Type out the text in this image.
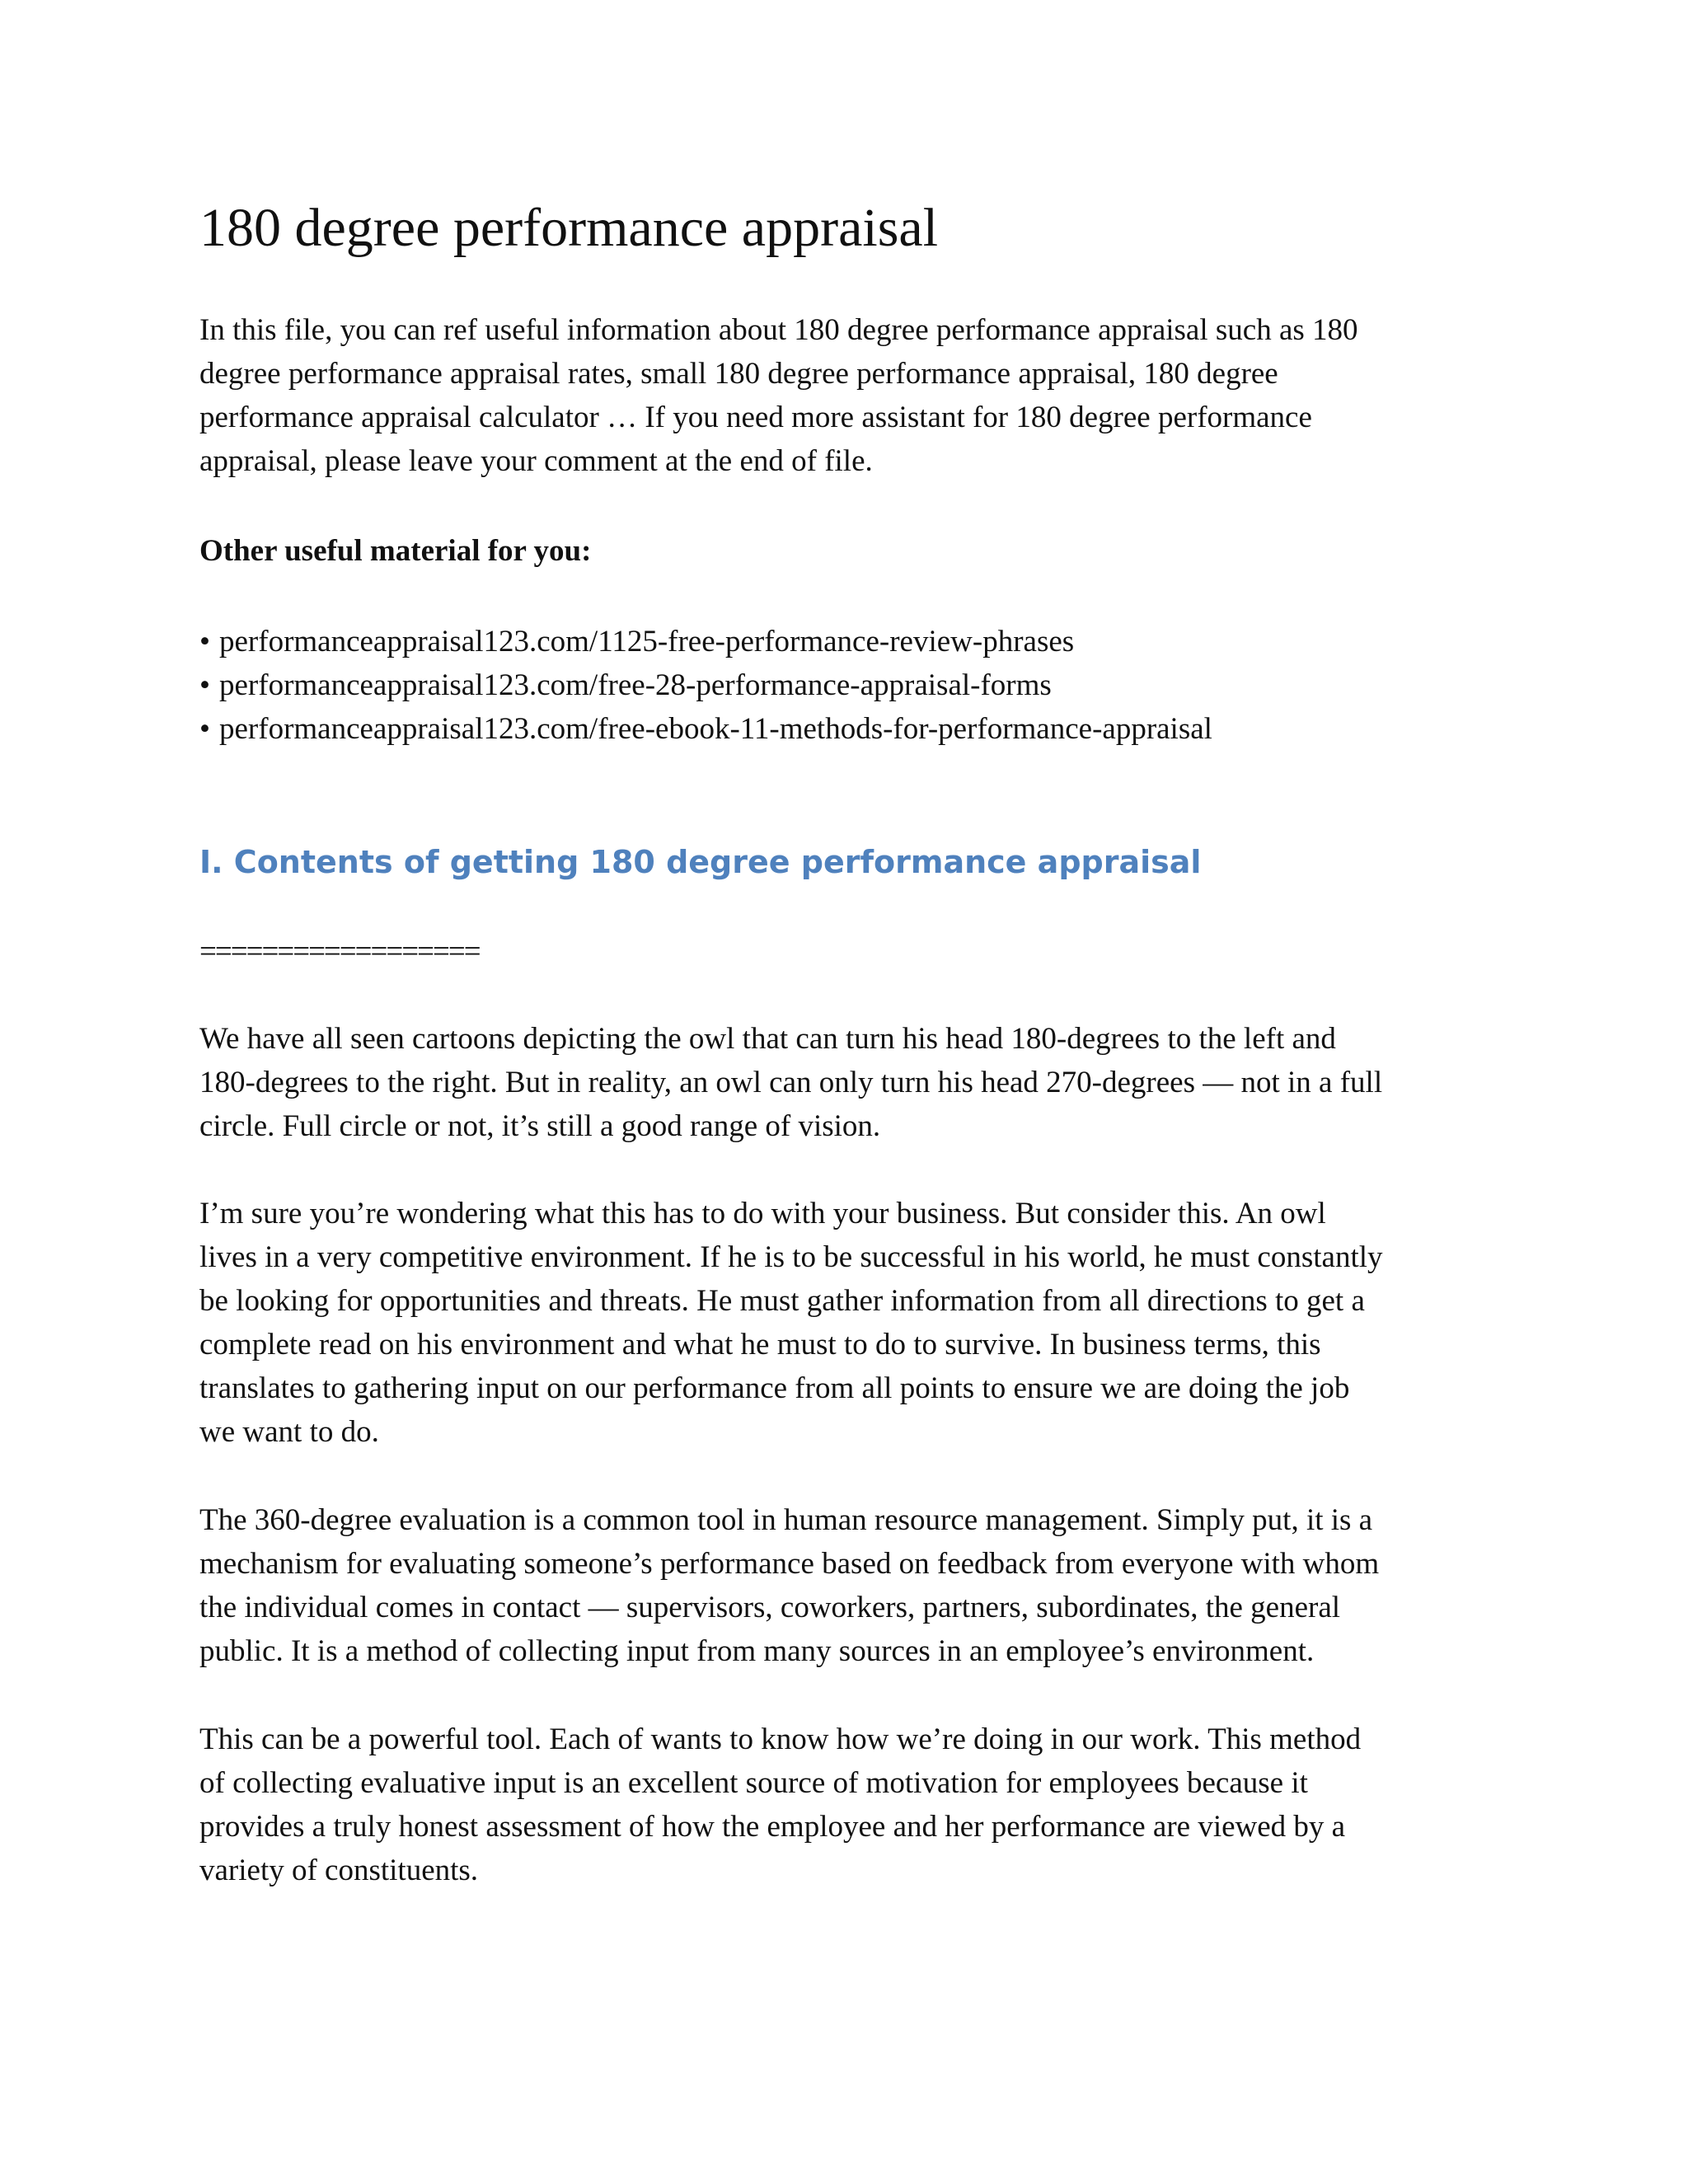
180 degree performance appraisal

In this file, you can ref useful information about 180 degree performance appraisal such as 180
degree performance appraisal rates, small 180 degree performance appraisal, 180 degree
performance appraisal calculator … If you need more assistant for 180 degree performance
appraisal, please leave your comment at the end of file.

Other useful material for you:

• performanceappraisal123.com/1125-free-performance-review-phrases
• performanceappraisal123.com/free-28-performance-appraisal-forms
• performanceappraisal123.com/free-ebook-11-methods-for-performance-appraisal
I. Contents of getting 180 degree performance appraisal

==================

We have all seen cartoons depicting the owl that can turn his head 180-degrees to the left and
180-degrees to the right. But in reality, an owl can only turn his head 270-degrees — not in a full
circle. Full circle or not, it’s still a good range of vision.

I’m sure you’re wondering what this has to do with your business. But consider this. An owl
lives in a very competitive environment. If he is to be successful in his world, he must constantly
be looking for opportunities and threats. He must gather information from all directions to get a
complete read on his environment and what he must to do to survive. In business terms, this
translates to gathering input on our performance from all points to ensure we are doing the job
we want to do.

The 360-degree evaluation is a common tool in human resource management. Simply put, it is a
mechanism for evaluating someone’s performance based on feedback from everyone with whom
the individual comes in contact — supervisors, coworkers, partners, subordinates, the general
public. It is a method of collecting input from many sources in an employee’s environment.

This can be a powerful tool. Each of wants to know how we’re doing in our work. This method
of collecting evaluative input is an excellent source of motivation for employees because it
provides a truly honest assessment of how the employee and her performance are viewed by a
variety of constituents.
